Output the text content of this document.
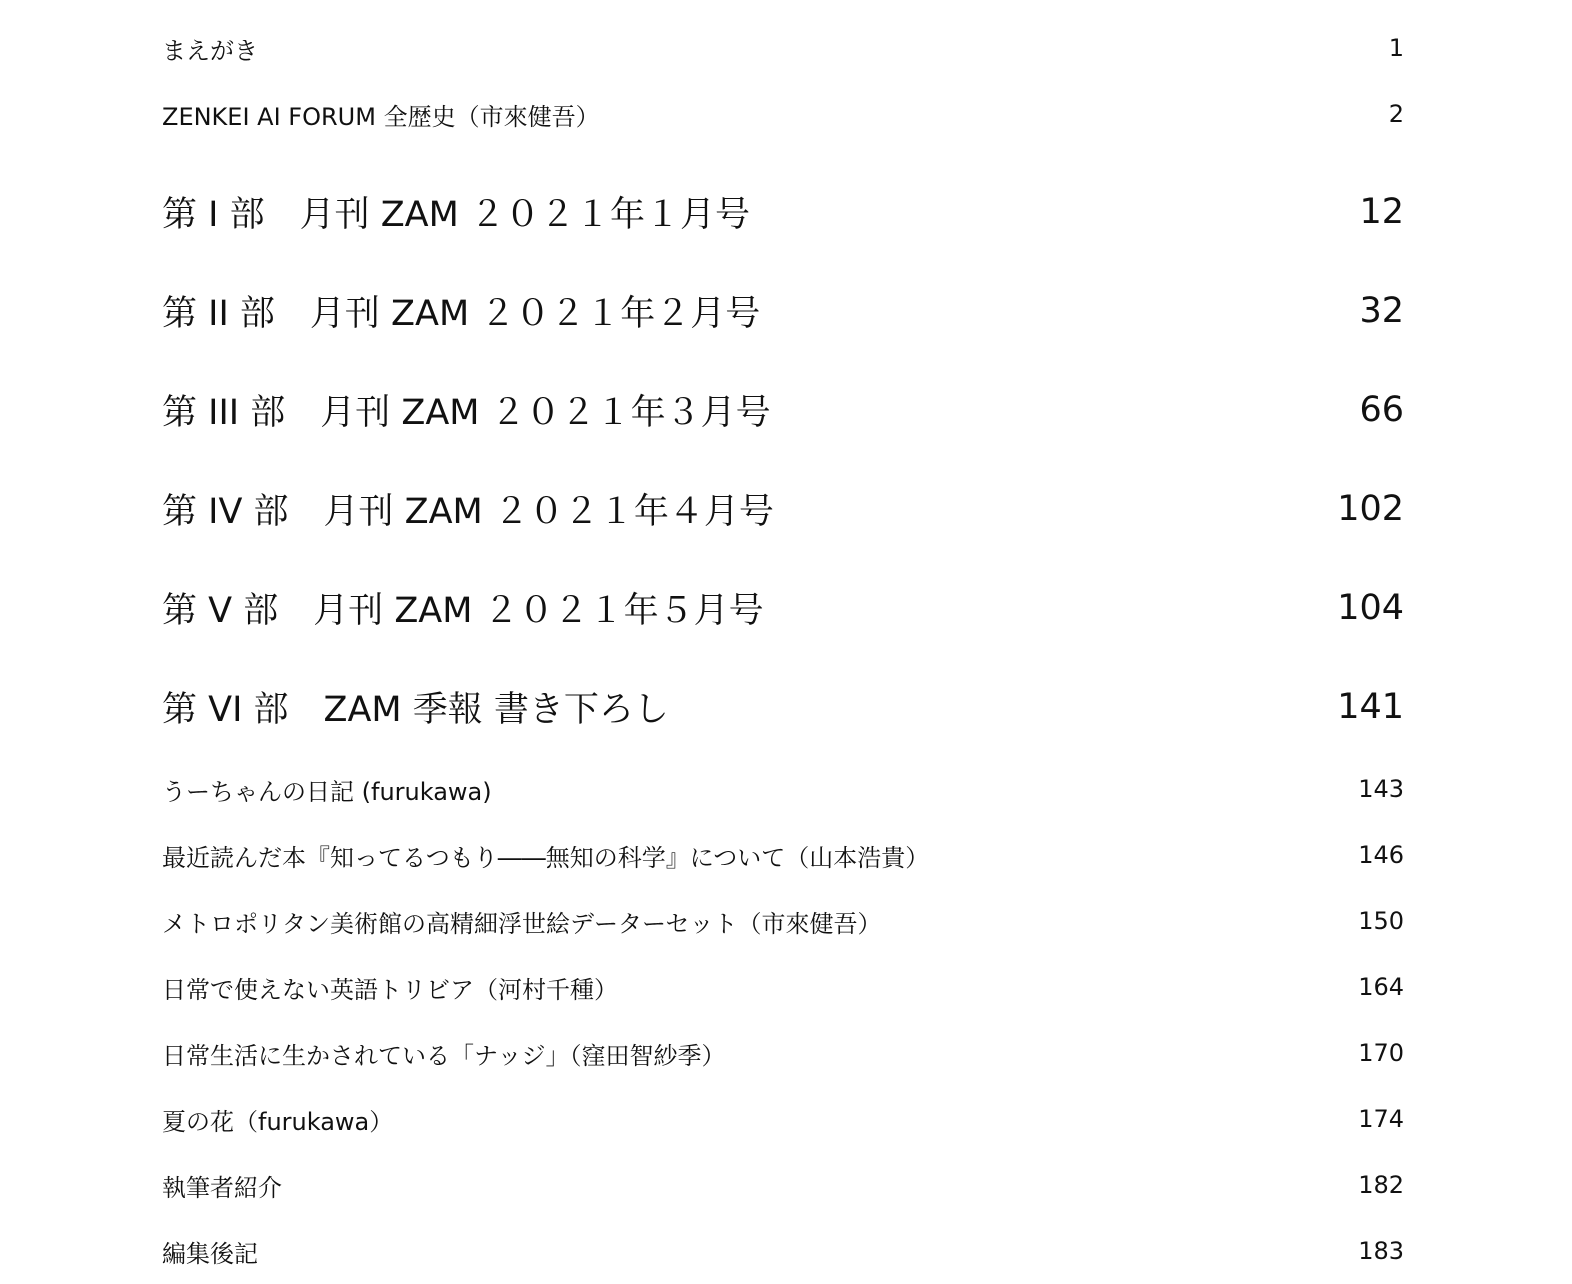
まえがき	1
ZENKEI AI FORUM 全歴史（市來健吾）	2
第 I 部　月刊 ZAM ２０２１年１月号	12
第 II 部　月刊 ZAM ２０２１年２月号	32
第 III 部　月刊 ZAM ２０２１年３月号	66
第 IV 部　月刊 ZAM ２０２１年４月号	102
第 V 部　月刊 ZAM ２０２１年５月号	104
第 VI 部　ZAM 季報 書き下ろし	141
うーちゃんの日記 (furukawa)	143
最近読んだ本『知ってるつもり――無知の科学』について（山本浩貴）	146
メトロポリタン美術館の高精細浮世絵データーセット（市來健吾）	150
日常で使えない英語トリビア（河村千種）	164
日常生活に生かされている「ナッジ」（窪田智紗季）	170
夏の花（furukawa）	174
執筆者紹介	182
編集後記	183
